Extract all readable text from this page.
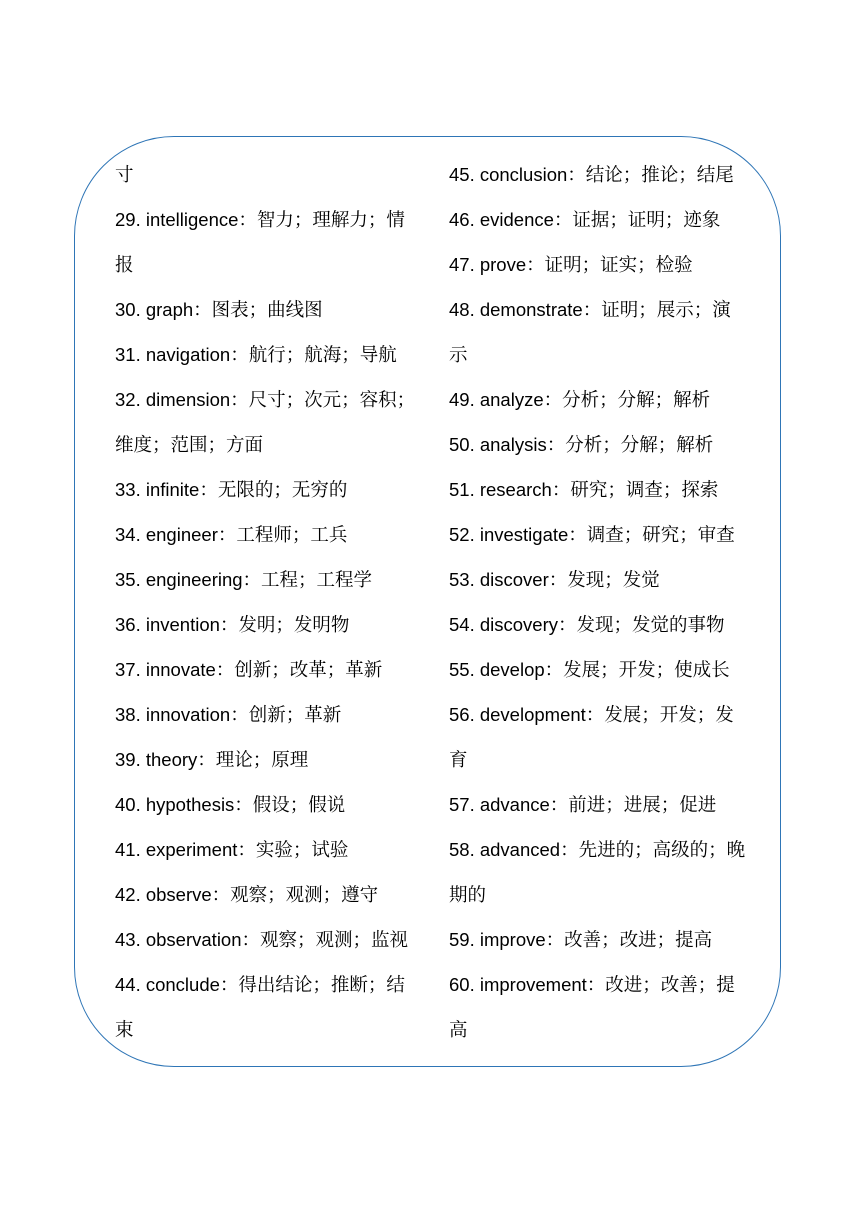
寸
29. intelligence：智力；理解力；情
报
30. graph：图表；曲线图
31. navigation：航行；航海；导航
32. dimension：尺寸；次元；容积；
维度；范围；方面
33. infinite：无限的；无穷的
34. engineer：工程师；工兵
35. engineering：工程；工程学
36. invention：发明；发明物
37. innovate：创新；改革；革新
38. innovation：创新；革新
39. theory：理论；原理
40. hypothesis：假设；假说
41. experiment：实验；试验
42. observe：观察；观测；遵守
43. observation：观察；观测；监视
44. conclude：得出结论；推断；结
束
45. conclusion：结论；推论；结尾
46. evidence：证据；证明；迹象
47. prove：证明；证实；检验
48. demonstrate：证明；展示；演
示
49. analyze：分析；分解；解析
50. analysis：分析；分解；解析
51. research：研究；调查；探索
52. investigate：调查；研究；审查
53. discover：发现；发觉
54. discovery：发现；发觉的事物
55. develop：发展；开发；使成长
56. development：发展；开发；发
育
57. advance：前进；进展；促进
58. advanced：先进的；高级的；晚
期的
59. improve：改善；改进；提高
60. improvement：改进；改善；提
高
